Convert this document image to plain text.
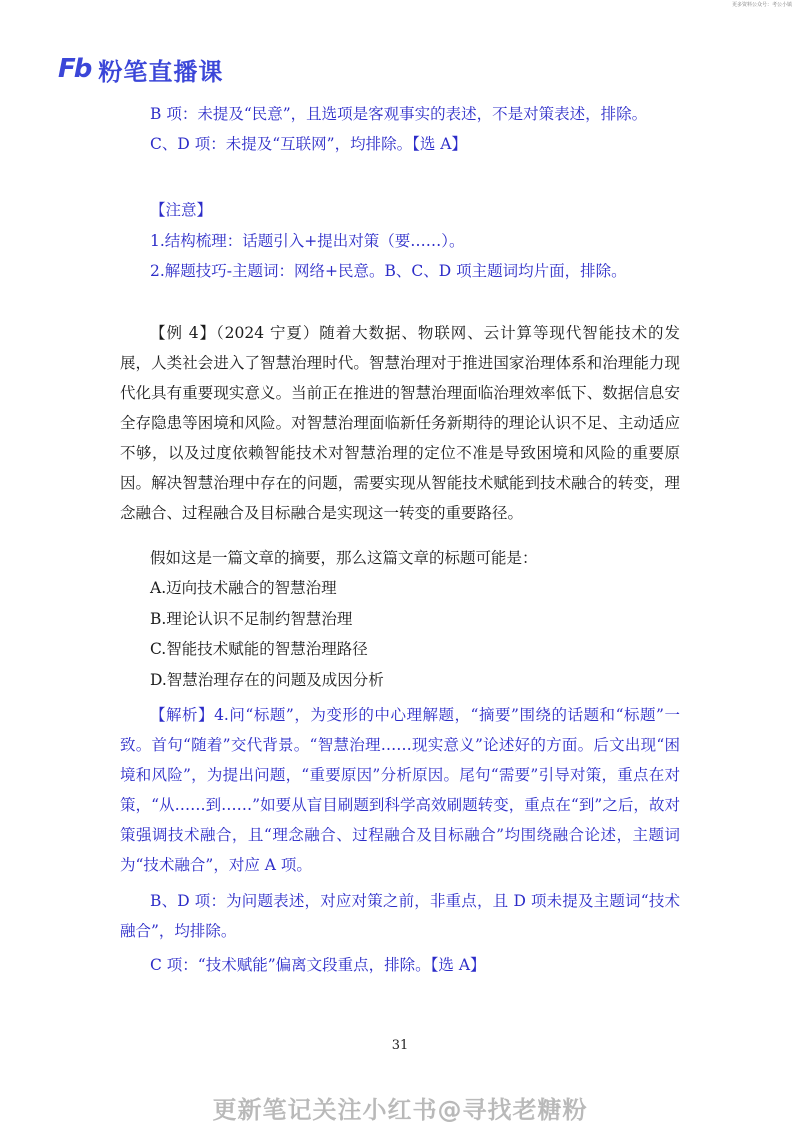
更多资料公众号：考公小镇
Fb 粉笔直播课
B 项：未提及“民意”，且选项是客观事实的表述，不是对策表述，排除。
C、D 项：未提及“互联网”，均排除。【选 A】
【注意】
1.结构梳理：话题引入+提出对策（要……）。
2.解题技巧-主题词：网络+民意。B、C、D 项主题词均片面，排除。
【例 4】（2024 宁夏）随着大数据、物联网、云计算等现代智能技术的发展，人类社会进入了智慧治理时代。智慧治理对于推进国家治理体系和治理能力现代化具有重要现实意义。当前正在推进的智慧治理面临治理效率低下、数据信息安全存隐患等困境和风险。对智慧治理面临新任务新期待的理论认识不足、主动适应不够，以及过度依赖智能技术对智慧治理的定位不准是导致困境和风险的重要原因。解决智慧治理中存在的问题，需要实现从智能技术赋能到技术融合的转变，理念融合、过程融合及目标融合是实现这一转变的重要路径。
假如这是一篇文章的摘要，那么这篇文章的标题可能是：
A.迈向技术融合的智慧治理
B.理论认识不足制约智慧治理
C.智能技术赋能的智慧治理路径
D.智慧治理存在的问题及成因分析
【解析】4.问“标题”，为变形的中心理解题，“摘要”围绕的话题和“标题”一致。首句“随着”交代背景。“智慧治理……现实意义”论述好的方面。后文出现“困境和风险”，为提出问题，“重要原因”分析原因。尾句“需要”引导对策，重点在对策，“从……到……”如要从盲目刷题到科学高效刷题转变，重点在“到”之后，故对策强调技术融合，且“理念融合、过程融合及目标融合”均围绕融合论述，主题词为“技术融合”，对应 A 项。
B、D 项：为问题表述，对应对策之前，非重点，且 D 项未提及主题词“技术融合”，均排除。
C 项：“技术赋能”偏离文段重点，排除。【选 A】
31
更新笔记关注小红书@寻找老糖粉
